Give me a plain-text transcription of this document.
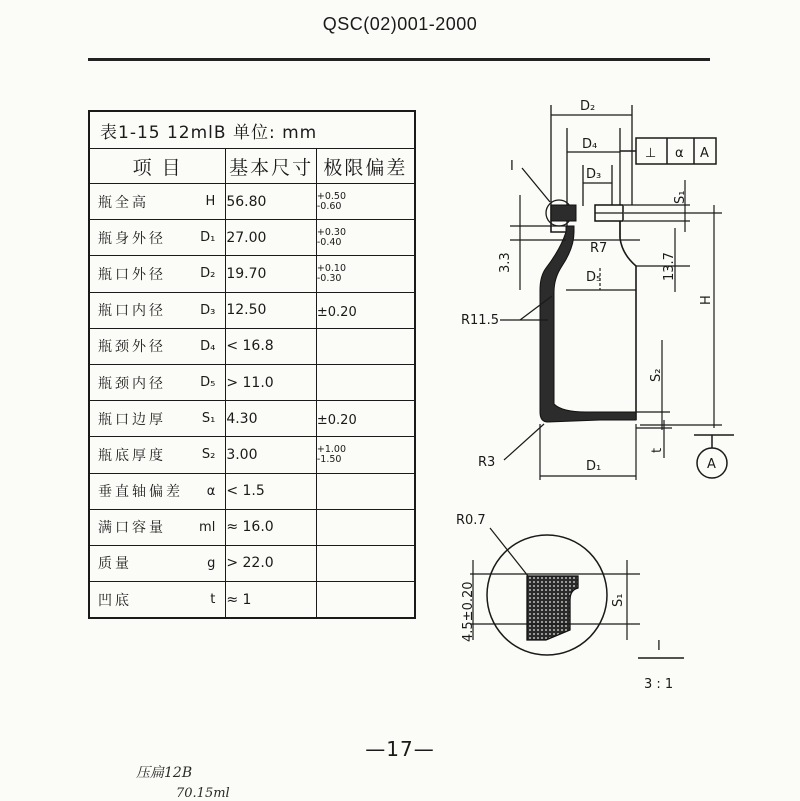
QSC(02)001-2000
表1-15 12mlB 单位: mm		
项 目	基本尺寸	极限偏差

瓶全高 H	56.80	+0.50
-0.60

瓶身外径 D₁	27.00	+0.30
-0.40

瓶口外径 D₂	19.70	+0.10
-0.30

瓶口内径 D₃	12.50	±0.20

瓶颈外径 D₄	< 16.8	

瓶颈内径 D₅	> 11.0	

瓶口边厚 S₁	4.30	±0.20

瓶底厚度 S₂	3.00	+1.00
-1.50

垂直轴偏差 α	< 1.5	

满口容量 ml	≈ 16.0	

质量 g	> 22.0	

凹底 t	≈ 1	
D₂
D₄
D₃
⊥ α A
I
S₁
D₅
R7
3.3	13.7
H
R11.5
S₂
t
R3	D₁	A
R0.7
4.5±0.20	S₁
I
3 : 1
—17—
压扁12B
70.15ml
